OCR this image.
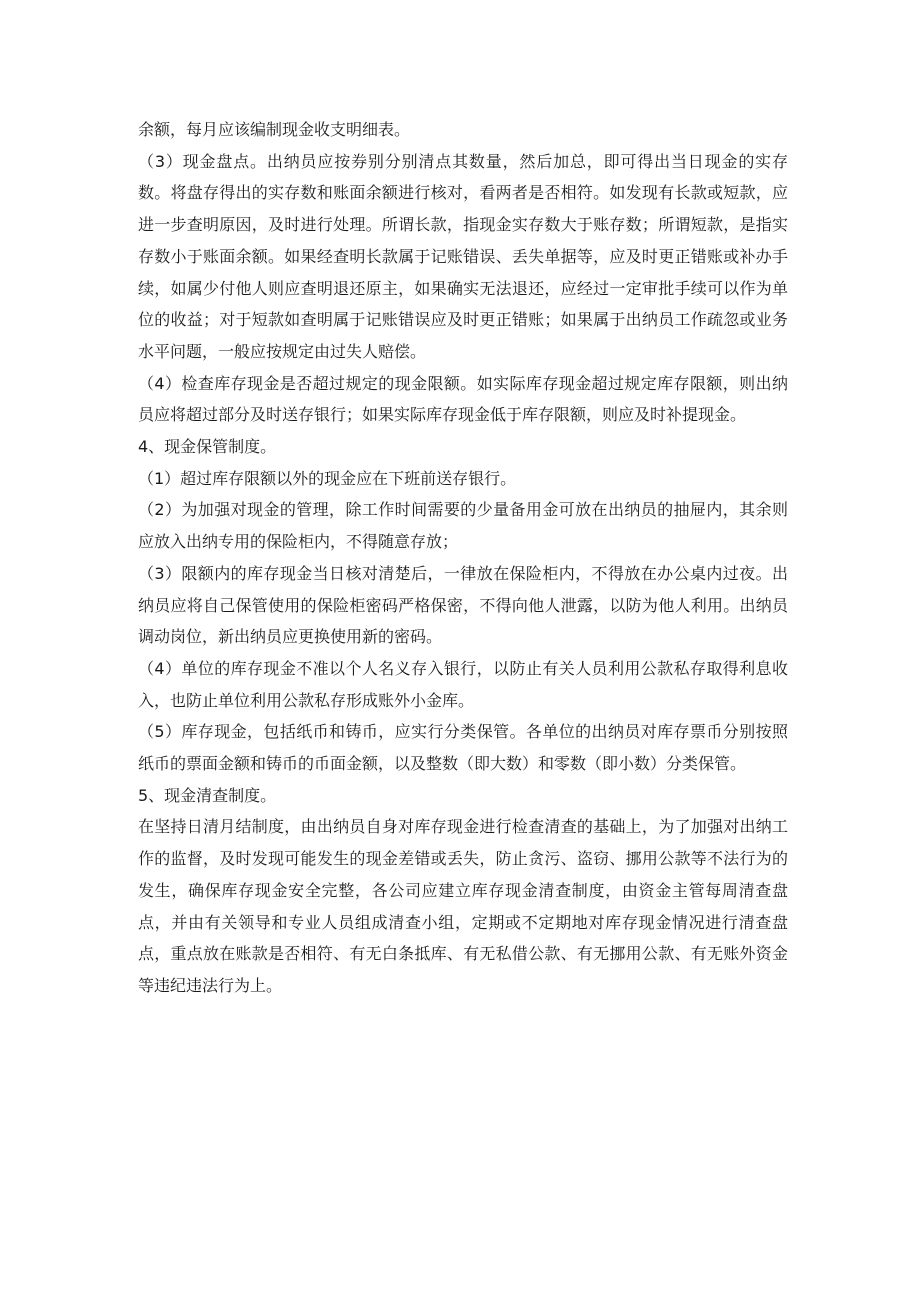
余额，每月应该编制现金收支明细表。

（3）现金盘点。出纳员应按券别分别清点其数量，然后加总，即可得出当日现金的实存数。将盘存得出的实存数和账面余额进行核对，看两者是否相符。如发现有长款或短款，应进一步查明原因，及时进行处理。所谓长款，指现金实存数大于账存数；所谓短款，是指实存数小于账面余额。如果经查明长款属于记账错误、丢失单据等，应及时更正错账或补办手续，如属少付他人则应查明退还原主，如果确实无法退还，应经过一定审批手续可以作为单位的收益；对于短款如查明属于记账错误应及时更正错账；如果属于出纳员工作疏忽或业务水平问题，一般应按规定由过失人赔偿。

（4）检查库存现金是否超过规定的现金限额。如实际库存现金超过规定库存限额，则出纳员应将超过部分及时送存银行；如果实际库存现金低于库存限额，则应及时补提现金。

4、现金保管制度。

（1）超过库存限额以外的现金应在下班前送存银行。

（2）为加强对现金的管理，除工作时间需要的少量备用金可放在出纳员的抽屉内，其余则应放入出纳专用的保险柜内，不得随意存放；

（3）限额内的库存现金当日核对清楚后，一律放在保险柜内，不得放在办公桌内过夜。出纳员应将自己保管使用的保险柜密码严格保密，不得向他人泄露，以防为他人利用。出纳员调动岗位，新出纳员应更换使用新的密码。

（4）单位的库存现金不准以个人名义存入银行，以防止有关人员利用公款私存取得利息收入，也防止单位利用公款私存形成账外小金库。

（5）库存现金，包括纸币和铸币，应实行分类保管。各单位的出纳员对库存票币分别按照纸币的票面金额和铸币的币面金额，以及整数（即大数）和零数（即小数）分类保管。

5、现金清查制度。

在坚持日清月结制度，由出纳员自身对库存现金进行检查清查的基础上，为了加强对出纳工作的监督，及时发现可能发生的现金差错或丢失，防止贪污、盗窃、挪用公款等不法行为的发生，确保库存现金安全完整，各公司应建立库存现金清查制度，由资金主管每周清查盘点，并由有关领导和专业人员组成清查小组，定期或不定期地对库存现金情况进行清查盘点，重点放在账款是否相符、有无白条抵库、有无私借公款、有无挪用公款、有无账外资金等违纪违法行为上。
